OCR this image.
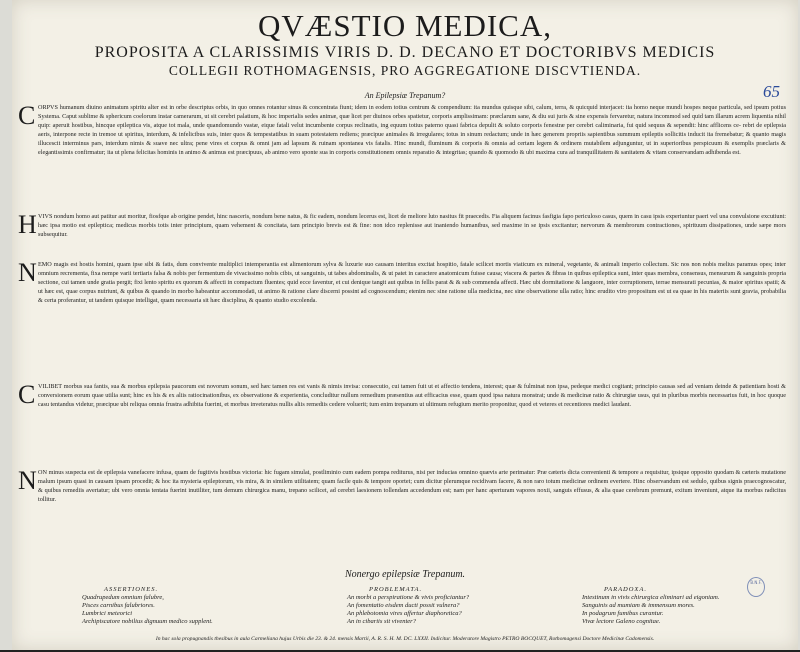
QVÆSTIO MEDICA,
PROPOSITA A CLARISSIMIS VIRIS D. D. DECANO ET DOCTORIBVS MEDICIS
COLLEGII ROTHOMAGENSIS, PRO AGGREGATIONE DISCVTIENDA.
65
An Epilepsiæ Trepanum?
C ORPVS humanum diuino animatum spiritu alter est in orbe descriptus orbis, in quo omnes rotantur sinus & concentrata fiunt; idem in eodem totius centrum & compendium: ita mundus quisque sibi, calum, terra, & quicquid interjacet: ita homo neque mundi hospes neque particula, sed ipsum potius Systema. Caput sublime & sphericum coelorum instar camerarum, ut sit cerebri palatium, & hoc imperialis sedes animæ, quæ licet per diuinos orbes spatietur, corporis amplissimam: præclarum sane, & diu sui juris & sine expensis fervaretur, natura incommod sed quid tam illarum acrem liquentia nihil quip: aperuit hostibus, hincque epileptica vis, atque tot mala, unde quandomundo vastæ, eique fatali velut incumbente corpus reclinatis, ing equum totius paterno quasi fabrica depulit & soluto corporis fenestræ per cerebri caliminaria, fui quid sequus & sependit: hinc afflicens ce- rebri de epilepsia aeris, interpone recte in tremoe ut spiritus, interdum, & infelicibus suis, inter quos & tempestatibus in suam potestatem rediens; præcipue animales & irregulares; totus in sinum redactum; unde in hæc generem propriis sapientibus summum epileptis sollicitis inducit ita fremebatur; & quanto magis illucescit interminus pars, interdum nimis & suave nec ultra; pene vires et corpus & omni jam ad lapsum & ruinam spontanea vis fatalis. Hinc mundi, fluminum & corporis & omnia ad certam legem & ordinem mutabilem adjunguntur, ut in superioribus perspicuum & exemplis præclaris & elegantissimis confirmatur; ita ut plena felicitas hominis in animo & animus est præcipuus, ab animo vero sponte sua in corporis constitutionem omnis reparatio & integritas; quando & quomodo & ubi maxima cura ad tranquillitatem & sanitatem & vitam conservandam adhibenda est.
H VIVS nondum homo aut patitur aut moritur, fiosfque ab origine pendet, hinc nasceris, nondum bene natus, & fic eadem, nondum lecerus est, licet de meliore luto nasitus fit praecedis. Fia aliquem facinus fasfigia fapo periculoso casus, quem in casu ipsis experiuntur paeri vel una convulsione excutiunt: hæc ipsa motio est epileptica; medicus morbis totis inter principium, quam vehement & concitata, tam principio brevis est & fine: non idco replenisse aut inaniendo humanibus, sed maxime in se ipsis excitantur; nervorum & membrorum contractiones, spirituum dissipationes, unde sæpe mors subsequitur.
N EMO magis est hostis homini, quam ipse sibi & fatis, dum convivente multiplici intemperantia est alimentorum sylva & luxurie suo causam interitus excitat hospitio, fatale scilicet mortis viaticum ex mineral, vegetante, & animali imperio collectum. Sic nos non nobis melius paramus opes; inter omnium recrementa, fixa nempe varii tertiaris falsa & nobis per fermentum de vivacissimo nobis cibis, ut sanguinis, ut tabes abdominalis, & ut patet in caractere anatomicum fuisse causa; viscera & partes & fibras in quibus epileptica sunt, inter quas membra, consensus, mensurum & sanguinis propria sectione, cui tamen unde gratia pergit; fixi lento spiritu ex quorum & affecti in compactum fluentes; quid ecce faventur, et cui denique tangit aut quibus in fellis parat & & sub commenda affecti. Hæc ubi dormitatione & languore, inter corruptionem, terrae mensurati pecunias, & maior spiritus spatii; & ut hæc est, quae corpus nutriunt, & quibus & quando in morbo habeantur accommodati, ut animo & ratione clare discerni possint ad cognoscendum; etenim nec sine ratione ulla medicina, nec sine observatione ulla ratio; hinc erudito viro propositum est ut ea quae in his materiis sunt gravia, probabilia & certa proferantur, ut tandem quisque intelligat, quam necessaria sit hæc disciplina, & quanto studio excolenda.
C VILIBET morbus sua fantis, sua & morbus epilepsia paucorum est novorum sonum, sed hæc tamen res est vanis & nimis invisa: consecutio, cui tamen fuit ut et affectio tendens, interest; quæ & fulminat non ipsa, pedeque medici cogitant; principio causas sed ad veniam deinde & patientiam hosti & conversionem eorum quae utilia sunt; hinc ex his & ex aliis ratiocinationibus, ex observatione & experientia, concluditur nullum remedium præsentius aut efficacius esse, quam quod ipsa natura monstrat; unde & medicinæ ratio & chirurgiæ usus, qui in pluribus morbis necessarius fuit, in hoc quoque casu tentandus videtur, præcipue ubi reliqua omnia frustra adhibita fuerint, et morbus inveteratus nullis aliis remediis cedere voluerit; tum enim trepanum ut ultimum refugium merito proponitur, quod et veteres et recentiores medici laudant.
N ON minus suspecta est de epilepsia vanefacere infusa, quam de fugitivis hostibus victoria: hic fugam simulat, postliminio cum eadem pompa rediturus, nisi per inducias omnino quævis arte perimatur: Præ cæteris dicta convenienti & tempore a requisitur, ipsique opposito quodam & cæteris mutatione malum ipsum quasi in causam ipsam procedit; & hoc ita mysteria epileptorum, vis mira, & in similem utilitatem; quam facile quis & tempore oportet; cum dicitur plerumque recidivam facere, & non raro totum medicinæ ordinem evertere. Hinc observandum est sedulo, quibus signis praecognoscatur, & quibus remediis avertatur; ubi vero omnia tentata fuerint inutiliter, tum demum chirurgica manu, trepano scilicet, ad cerebri laesionem tollendam accedendum est; nam per hanc aperturam vapores noxii, sanguis effusus, & alia quae cerebrum premunt, exitum inveniunt, atque ita morbus radicitus tollitur.
Nonergo epilepsiæ Trepanum.
ASSERTIONES.
Quadrupedum omnium falubre,
Pisces carnibus falubriores.
Lumbrici meteorici
Archipiscatore nobilius dignuum medico supplent.
PROBLEMATA.
An morbi a perspiratione & vivis proficiantur?
An fomentatio eisdem ducti possit vulnera?
An phlebotomia vires affertur diaphoretica?
An in cibariis sit viventer?
PARADOXA.
Intestinum in vivis chirurgica eliminari ad eigoniam.
Sanguinis ad mumiam & immensum mores.
In podagrum fumibus curantur.
Vivæ lectore Galeno cognitae.
B.N.F.
In hac sola propugnandis thesibus in aula Carmeliana hujus Urbis die 23. & 24. mensis Martii, A. R. S. H. M. DC. LXXII. Indicitur. Moderatore Magistro PETRO BOCQUET, Rothomagensi Doctore Medicinæ Cadomensis.
